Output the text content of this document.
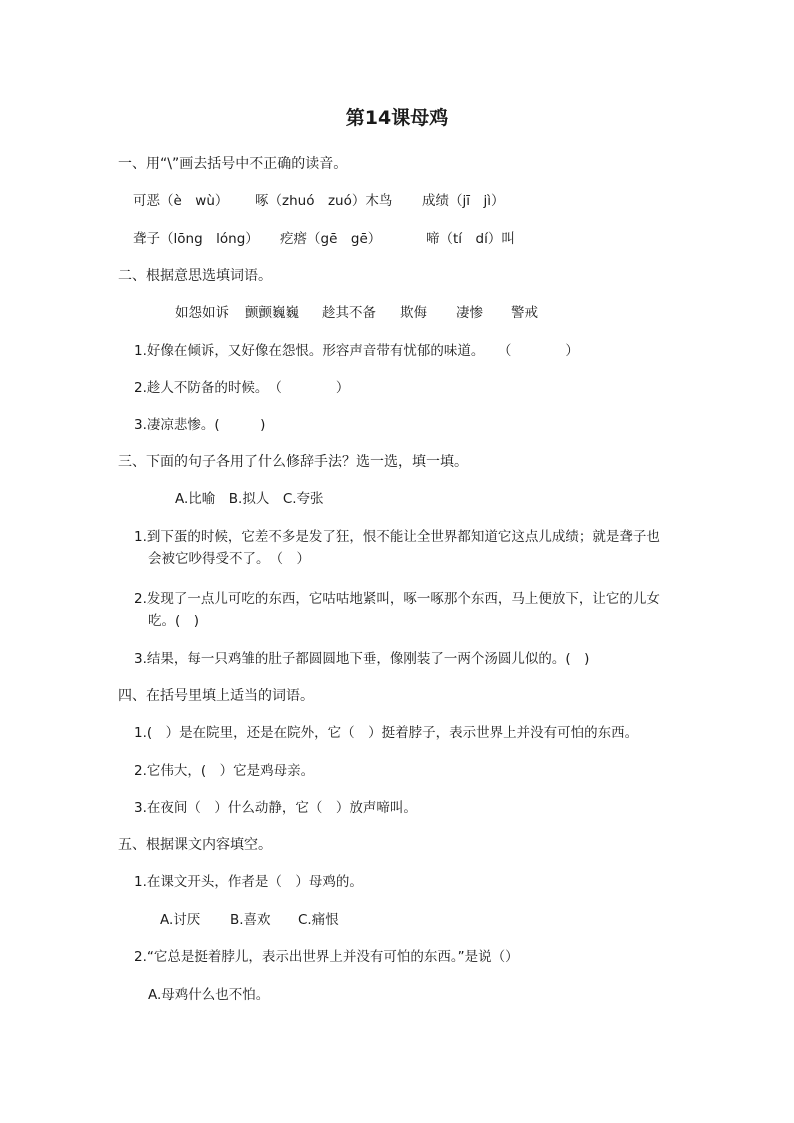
第14课母鸡
一、用“\”画去括号中不正确的读音。
可恶（è　wù） 啄（zhuó　zuó）木鸟 成绩（jī　jì）
聋子（lōng　lóng） 疙瘩（gē　gē）	啼（tí　dí）叫
二、根据意思选填词语。
如怨如诉 颤颤巍巍 趁其不备 欺侮 凄惨 警戒
1.好像在倾诉，又好像在怨恨。形容声音带有忧郁的味道。　　（　　　　）
2.趁人不防备的时候。　（　　　　）
3.凄凉悲惨。(　　　)
三、下面的句子各用了什么修辞手法？选一选，填一填。
A.比喻　B.拟人　C.夸张
1.到下蛋的时候，它差不多是发了狂，恨不能让全世界都知道它这点儿成绩；就是聋子也
会被它吵得受不了。　（　）
2.发现了一点儿可吃的东西，它咕咕地紧叫，啄一啄那个东西，马上便放下，让它的儿女
吃。(　)
3.结果，每一只鸡雏的肚子都圆圆地下垂，像刚装了一两个汤圆儿似的。(　)
四、在括号里填上适当的词语。
1.(　）是在院里，还是在院外，它（　）挺着脖子，表示世界上并没有可怕的东西。
2.它伟大，(　）它是鸡母亲。
3.在夜间（　）什么动静，它（　）放声啼叫。
五、根据课文内容填空。
1.在课文开头，作者是（　）母鸡的。
A.讨厌 B.喜欢 C.痛恨
2.“它总是挺着脖儿，表示出世界上并没有可怕的东西。”是说（）
A.母鸡什么也不怕。
